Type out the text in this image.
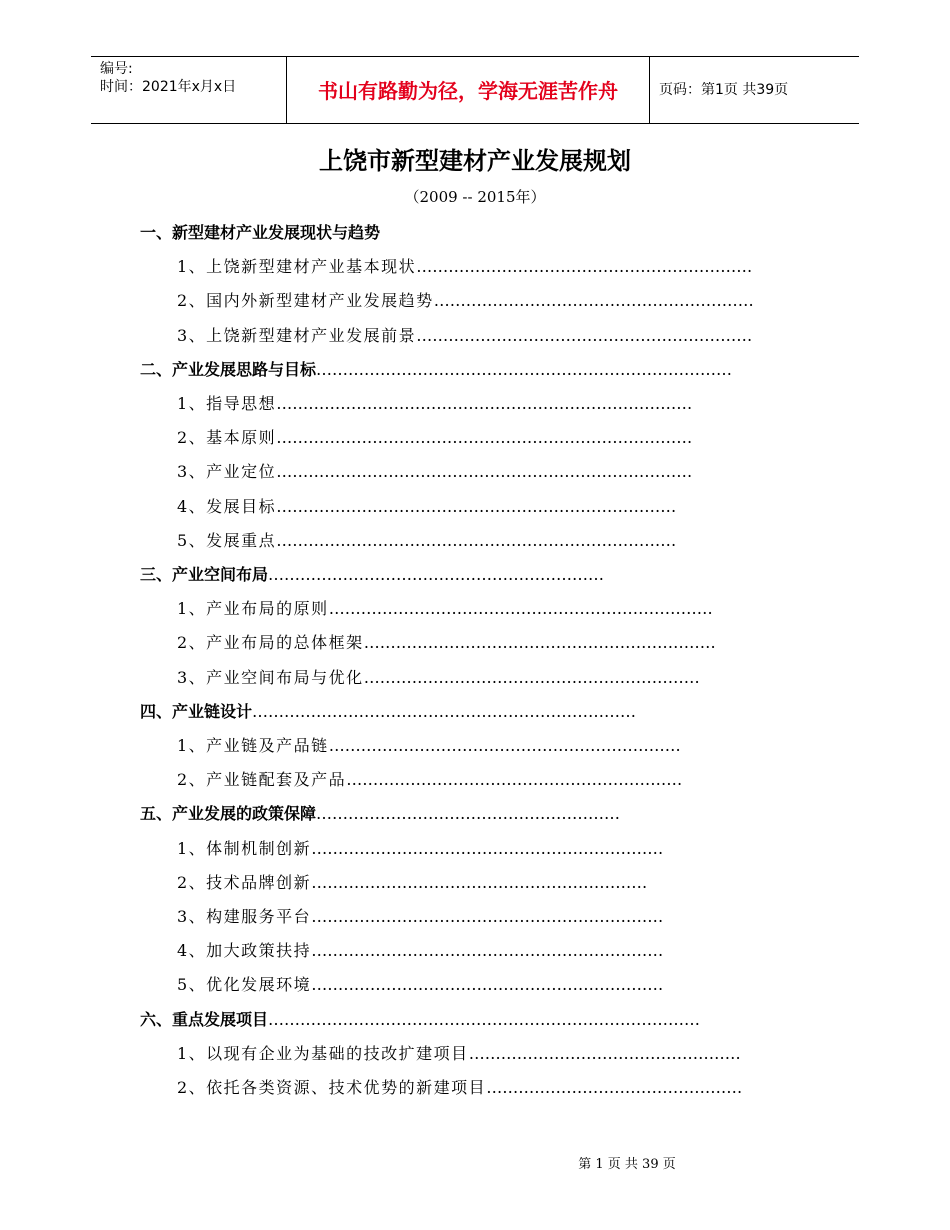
编号:
时间：2021年x月x日	书山有路勤为径，学海无涯苦作舟	页码：第1页 共39页
上饶市新型建材产业发展规划
（2009 -- 2015年）
一、新型建材产业发展现状与趋势
1、上饶新型建材产业基本现状………………………………………………………
2、国内外新型建材产业发展趋势……………………………………………………
3、上饶新型建材产业发展前景………………………………………………………
二、产业发展思路与目标……………………………………………………………………
1、指导思想……………………………………………………………………
2、基本原则……………………………………………………………………
3、产业定位……………………………………………………………………
4、发展目标…………………………………………………………………
5、发展重点…………………………………………………………………
三、产业空间布局………………………………………………………
1、产业布局的原则………………………………………………………………
2、产业布局的总体框架…………………………………………………………
3、产业空间布局与优化………………………………………………………
四、产业链设计………………………………………………………………
1、产业链及产品链…………………………………………………………
2、产业链配套及产品………………………………………………………
五、产业发展的政策保障…………………………………………………
1、体制机制创新…………………………………………………………
2、技术品牌创新………………………………………………………
3、构建服务平台…………………………………………………………
4、加大政策扶持…………………………………………………………
5、优化发展环境…………………………………………………………
六、重点发展项目………………………………………………………………………
1、以现有企业为基础的技改扩建项目……………………………………………
2、依托各类资源、技术优势的新建项目…………………………………………
第 1 页 共 39 页
